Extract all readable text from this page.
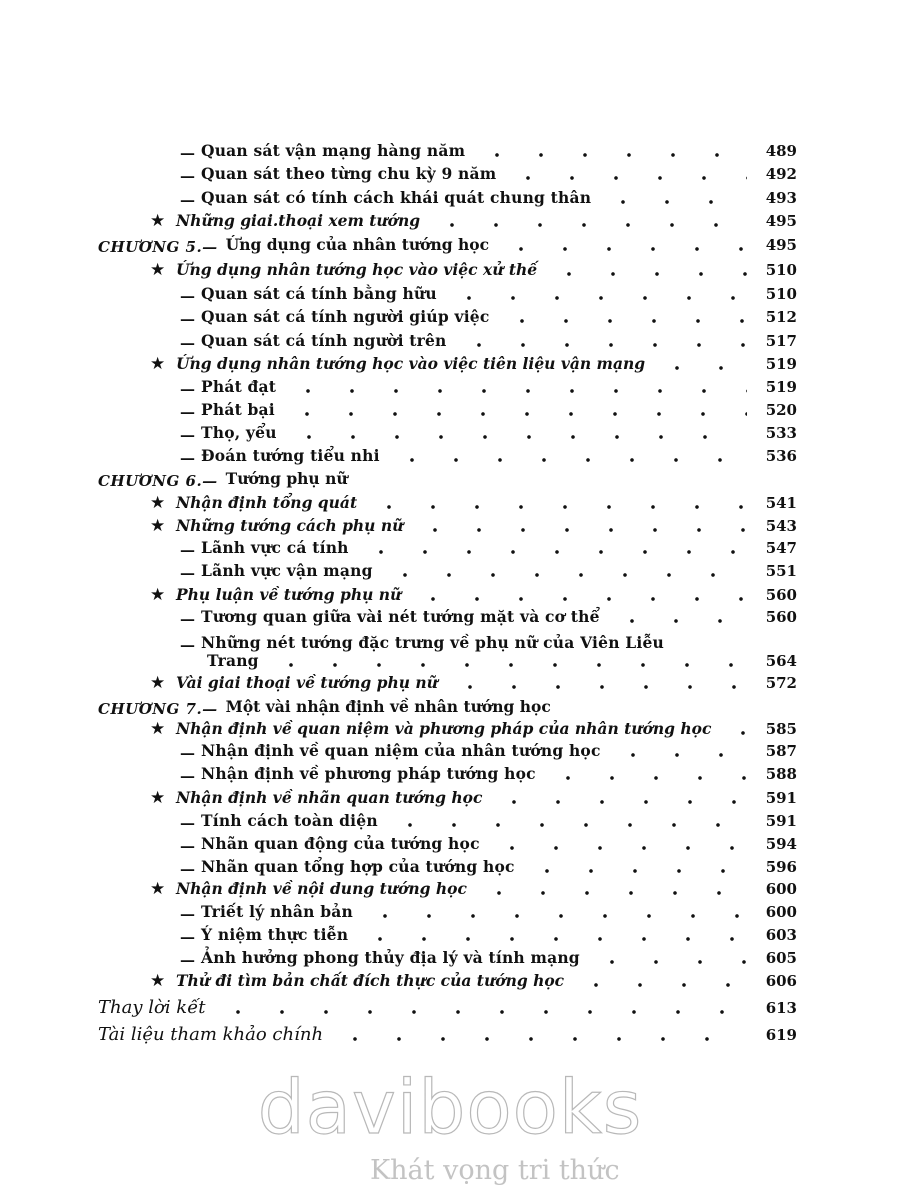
— Quan sát vận mạng hàng năm	489
— Quan sát theo từng chu kỳ 9 năm	492
— Quan sát có tính cách khái quát chung thân	493
★ Những giai.thoại xem tướng	495
CHƯƠNG 5.— Ứng dụng của nhân tướng học	495
★ Ứng dụng nhân tướng học vào việc xử thế	510
— Quan sát cá tính bằng hữu	510
— Quan sát cá tính người giúp việc	512
— Quan sát cá tính người trên	517
★ Ứng dụng nhân tướng học vào việc tiên liệu vận mạng	519
— Phát đạt	519
— Phát bại	520
— Thọ, yểu	533
— Đoán tướng tiểu nhi	536
CHƯƠNG 6.— Tướng phụ nữ
★ Nhận định tổng quát	541
★ Những tướng cách phụ nữ	543
— Lãnh vực cá tính	547
— Lãnh vực vận mạng	551
★ Phụ luận về tướng phụ nữ	560
— Tương quan giữa vài nét tướng mặt và cơ thể	560
— Những nét tướng đặc trưng về phụ nữ của Viên Liễu
Trang	564
★ Vài giai thoại về tướng phụ nữ	572
CHƯƠNG 7.— Một vài nhận định về nhân tướng học
★ Nhận định về quan niệm và phương pháp của nhân tướng học	585
— Nhận định về quan niệm của nhân tướng học	587
— Nhận định về phương pháp tướng học	588
★ Nhận định về nhãn quan tướng học	591
— Tính cách toàn diện	591
— Nhãn quan động của tướng học	594
— Nhãn quan tổng hợp của tướng học	596
★ Nhận định về nội dung tướng học	600
— Triết lý nhân bản	600
— Ý niệm thực tiễn	603
— Ảnh hưởng phong thủy địa lý và tính mạng	605
★ Thử đi tìm bản chất đích thực của tướng học	606
Thay lời kết	613
Tài liệu tham khảo chính	619
davibooks
Khát vọng tri thức
